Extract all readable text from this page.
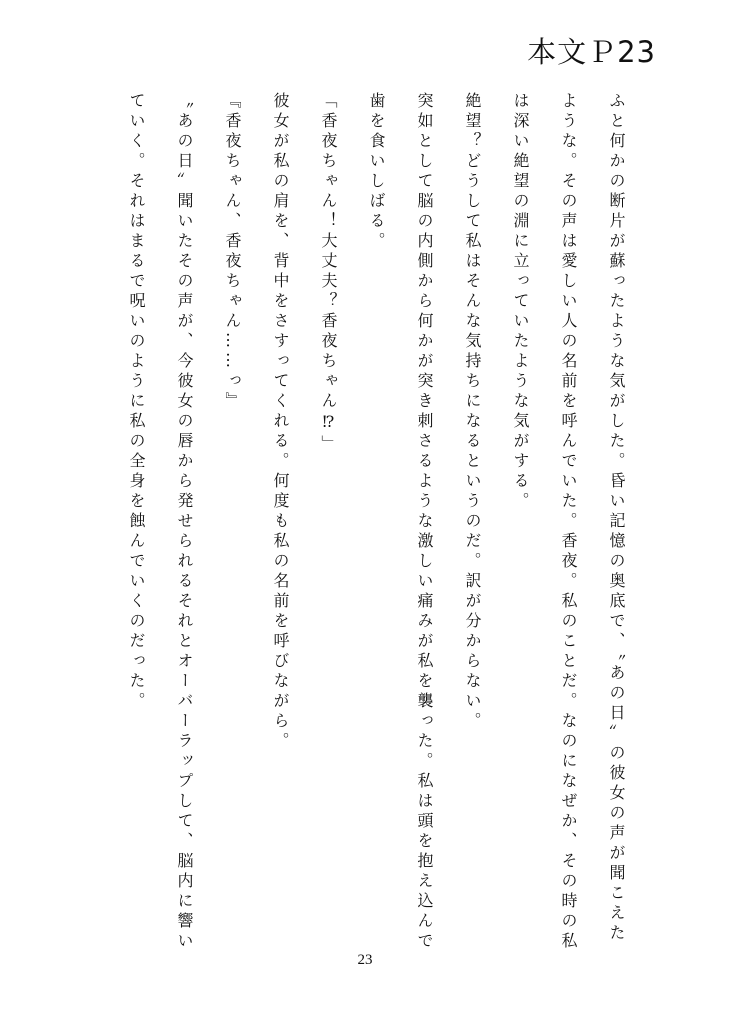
本文Ｐ23

ふと何かの断片が蘇ったような気がした。昏い記憶の奥底で、〝あの日〟の彼女の声が聞こえたような。その声は愛しい人の名前を呼んでいた。香夜。私のことだ。なのになぜか、その時の私は深い絶望の淵に立っていたような気がする。

絶望？どうして私はそんな気持ちになるというのだ。訳が分からない。

突如として脳の内側から何かが突き刺さるような激しい痛みが私を襲った。私は頭を抱え込んで歯を食いしばる。

「香夜ちゃん！大丈夫？香夜ちゃん⁉」

彼女が私の肩を、背中をさすってくれる。何度も私の名前を呼びながら。

『香夜ちゃん、香夜ちゃん……っ』

〝あの日〟聞いたその声が、今彼女の唇から発せられるそれとオーバーラップして、脳内に響いていく。それはまるで呪いのように私の全身を蝕んでいくのだった。

23
